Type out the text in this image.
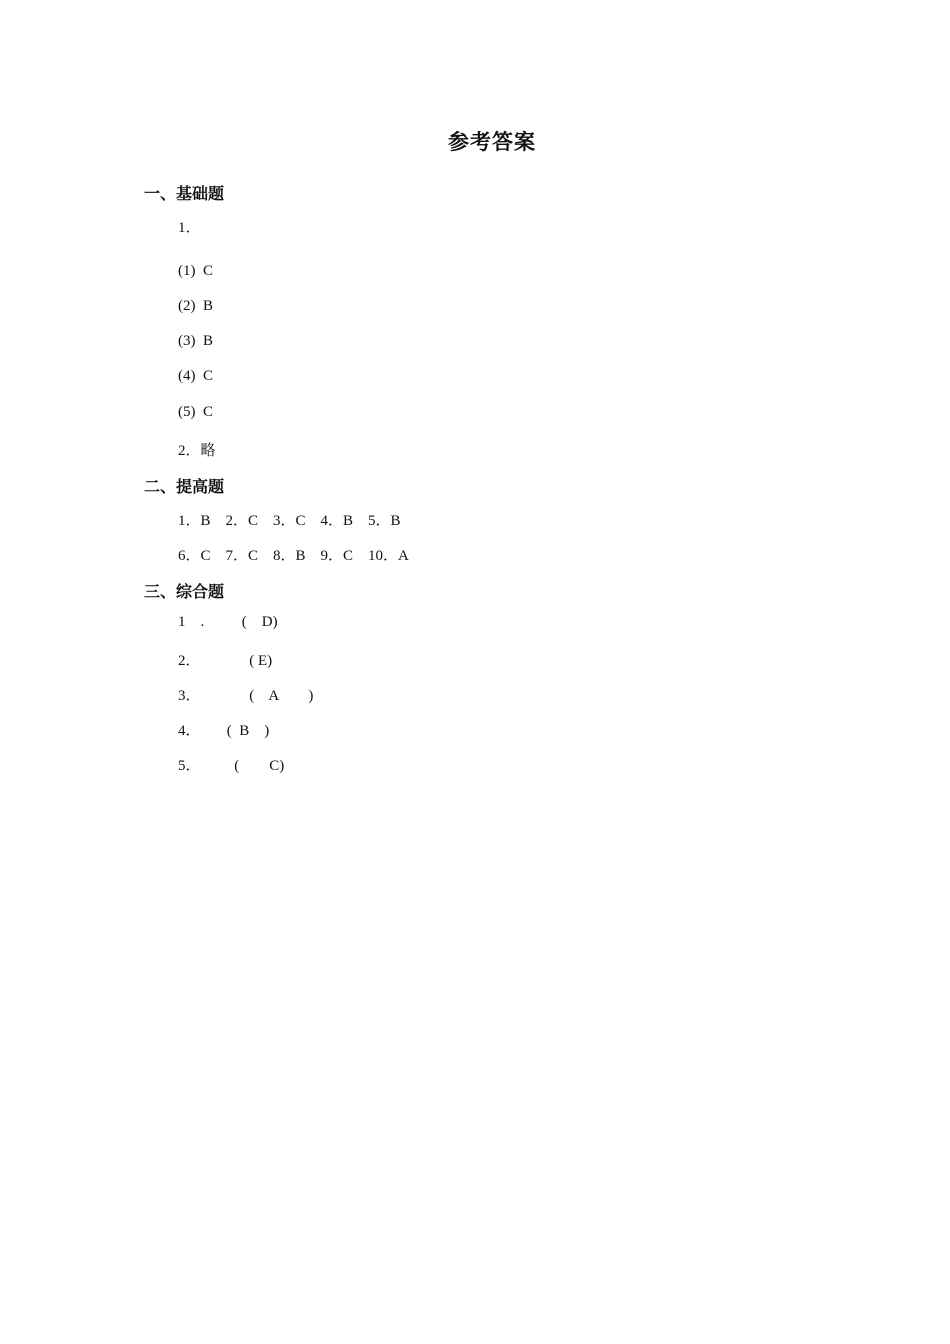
参考答案
一、基础题
1．
(1)  C
(2)  B
(3)  B
(4)  C
(5)  C
2．略
二、提高题
1．B    2．C    3．C    4．B    5．B
6．C    7．C    8．B    9．C    10．A
三、综合题
1    .          (    D)
2．             ( E)
3．             (    A        )
4．       (  B    )
5．         (        C)
